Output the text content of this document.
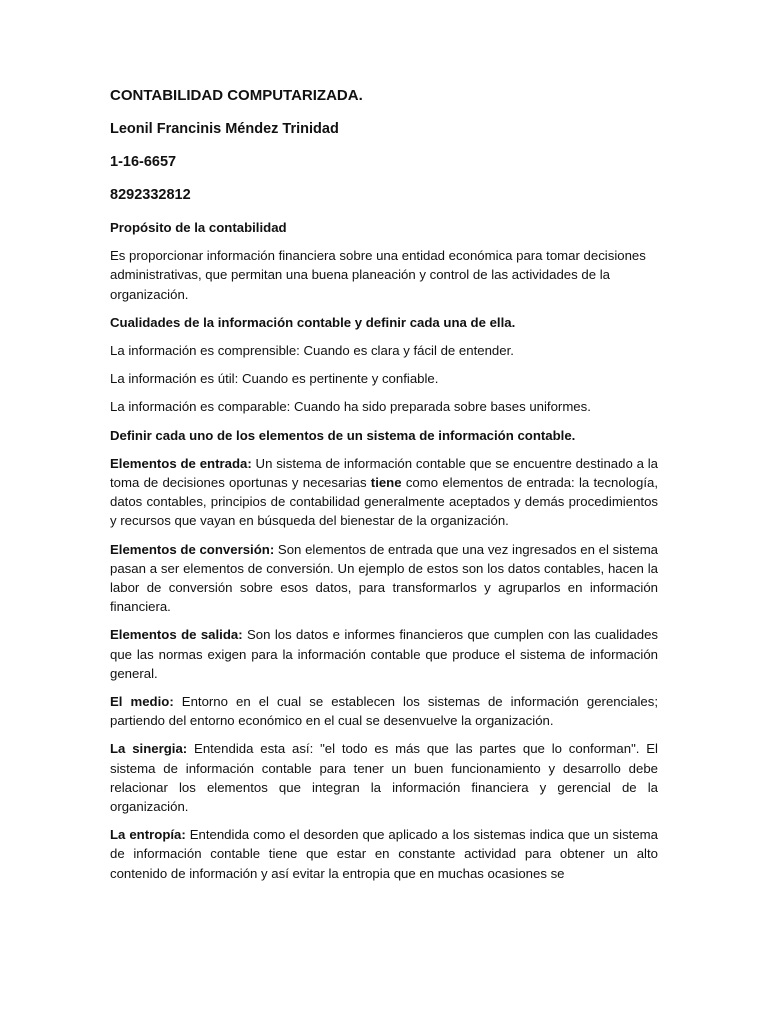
CONTABILIDAD COMPUTARIZADA.
Leonil Francinis Méndez Trinidad
1-16-6657
8292332812
Propósito de la contabilidad
Es proporcionar información financiera sobre una entidad económica para tomar decisiones administrativas, que permitan una buena planeación y control de las actividades de la organización.
Cualidades de la información contable y definir cada una de ella.
La información es comprensible: Cuando es clara y fácil de entender.
La información es útil: Cuando es pertinente y confiable.
La información es comparable: Cuando ha sido preparada sobre bases uniformes.
Definir cada uno de los elementos de un sistema de información contable.
Elementos de entrada: Un sistema de información contable que se encuentre destinado a la toma de decisiones oportunas y necesarias tiene como elementos de entrada: la tecnología, datos contables, principios de contabilidad generalmente aceptados y demás procedimientos y recursos que vayan en búsqueda del bienestar de la organización.
Elementos de conversión: Son elementos de entrada que una vez ingresados en el sistema pasan a ser elementos de conversión. Un ejemplo de estos son los datos contables, hacen la labor de conversión sobre esos datos, para transformarlos y agruparlos en información financiera.
Elementos de salida: Son los datos e informes financieros que cumplen con las cualidades que las normas exigen para la información contable que produce el sistema de información general.
El medio: Entorno en el cual se establecen los sistemas de información gerenciales; partiendo del entorno económico en el cual se desenvuelve la organización.
La sinergia: Entendida esta así: "el todo es más que las partes que lo conforman". El sistema de información contable para tener un buen funcionamiento y desarrollo debe relacionar los elementos que integran la información financiera y gerencial de la organización.
La entropía: Entendida como el desorden que aplicado a los sistemas indica que un sistema de información contable tiene que estar en constante actividad para obtener un alto contenido de información y así evitar la entropia que en muchas ocasiones se
